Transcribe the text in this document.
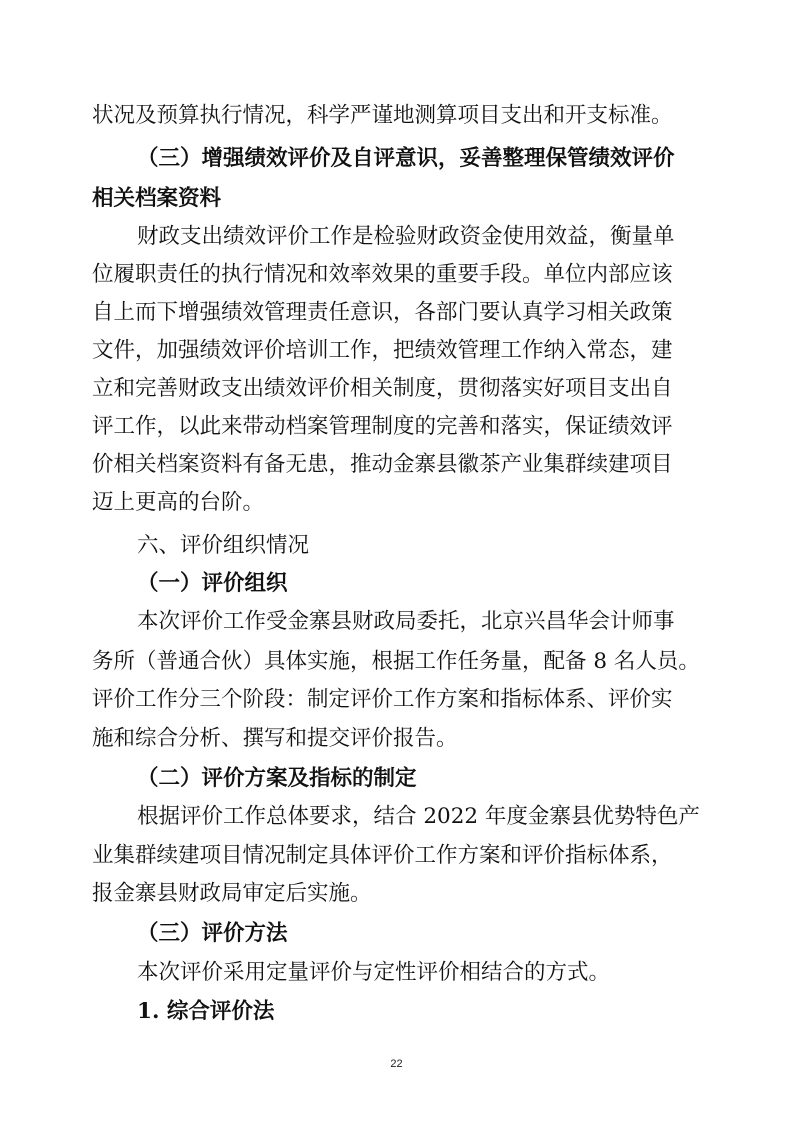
状况及预算执行情况，科学严谨地测算项目支出和开支标准。
（三）增强绩效评价及自评意识，妥善整理保管绩效评价
相关档案资料
财政支出绩效评价工作是检验财政资金使用效益，衡量单
位履职责任的执行情况和效率效果的重要手段。单位内部应该
自上而下增强绩效管理责任意识，各部门要认真学习相关政策
文件，加强绩效评价培训工作，把绩效管理工作纳入常态，建
立和完善财政支出绩效评价相关制度，贯彻落实好项目支出自
评工作，以此来带动档案管理制度的完善和落实，保证绩效评
价相关档案资料有备无患，推动金寨县徽茶产业集群续建项目
迈上更高的台阶。
六、评价组织情况
（一）评价组织
本次评价工作受金寨县财政局委托，北京兴昌华会计师事
务所（普通合伙）具体实施，根据工作任务量，配备 8 名人员。
评价工作分三个阶段：制定评价工作方案和指标体系、评价实
施和综合分析、撰写和提交评价报告。
（二）评价方案及指标的制定
根据评价工作总体要求，结合 2022 年度金寨县优势特色产
业集群续建项目情况制定具体评价工作方案和评价指标体系，
报金寨县财政局审定后实施。
（三）评价方法
本次评价采用定量评价与定性评价相结合的方式。
1. 综合评价法
22
